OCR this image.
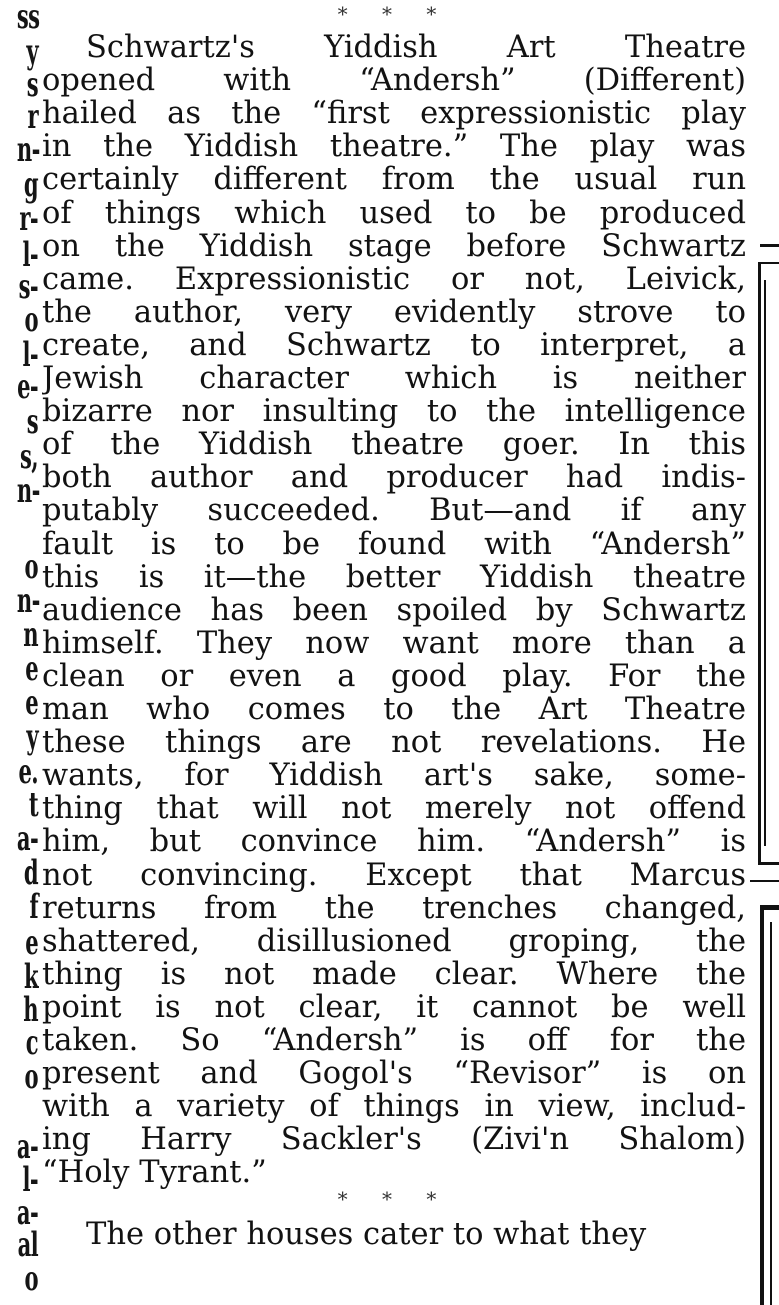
ss
y
s
r
n-
g
r-
l-
s-
o
l-
e-
s
s,
n-
o
n-
n
e
e
y
e.
t
a-
d
f
e
k
h
c
o
a-
l-
a-
al
o
* * *
Schwartz's Yiddish Art Theatre
opened with “Andersh” (Different)
hailed as the “first expressionistic play
in the Yiddish theatre.” The play was
certainly different from the usual run
of things which used to be produced
on the Yiddish stage before Schwartz
came. Expressionistic or not, Leivick,
the author, very evidently strove to
create, and Schwartz to interpret, a
Jewish character which is neither
bizarre nor insulting to the intelligence
of the Yiddish theatre goer. In this
both author and producer had indis-
putably succeeded. But—and if any
fault is to be found with “Andersh”
this is it—the better Yiddish theatre
audience has been spoiled by Schwartz
himself. They now want more than a
clean or even a good play. For the
man who comes to the Art Theatre
these things are not revelations. He
wants, for Yiddish art's sake, some-
thing that will not merely not offend
him, but convince him. “Andersh” is
not convincing. Except that Marcus
returns from the trenches changed,
shattered, disillusioned groping, the
thing is not made clear. Where the
point is not clear, it cannot be well
taken. So “Andersh” is off for the
present and Gogol's “Revisor” is on
with a variety of things in view, includ-
ing Harry Sackler's (Zivi'n Shalom)
“Holy Tyrant.”
* * *
The other houses cater to what they
